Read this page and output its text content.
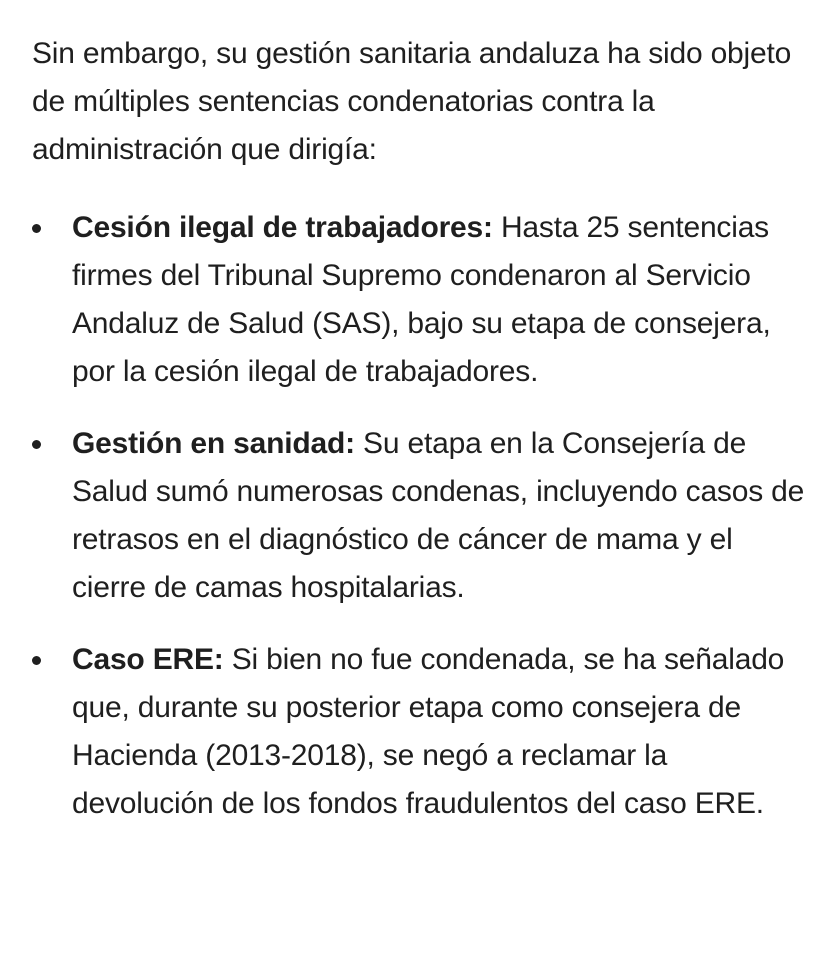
Sin embargo, su gestión sanitaria andaluza ha sido objeto de múltiples sentencias condenatorias contra la administración que dirigía:

Cesión ilegal de trabajadores: Hasta 25 sentencias firmes del Tribunal Supremo condenaron al Servicio Andaluz de Salud (SAS), bajo su etapa de consejera, por la cesión ilegal de trabajadores.
Gestión en sanidad: Su etapa en la Consejería de Salud sumó numerosas condenas, incluyendo casos de retrasos en el diagnóstico de cáncer de mama y el cierre de camas hospitalarias.
Caso ERE: Si bien no fue condenada, se ha señalado que, durante su posterior etapa como consejera de Hacienda (2013-2018), se negó a reclamar la devolución de los fondos fraudulentos del caso ERE.
